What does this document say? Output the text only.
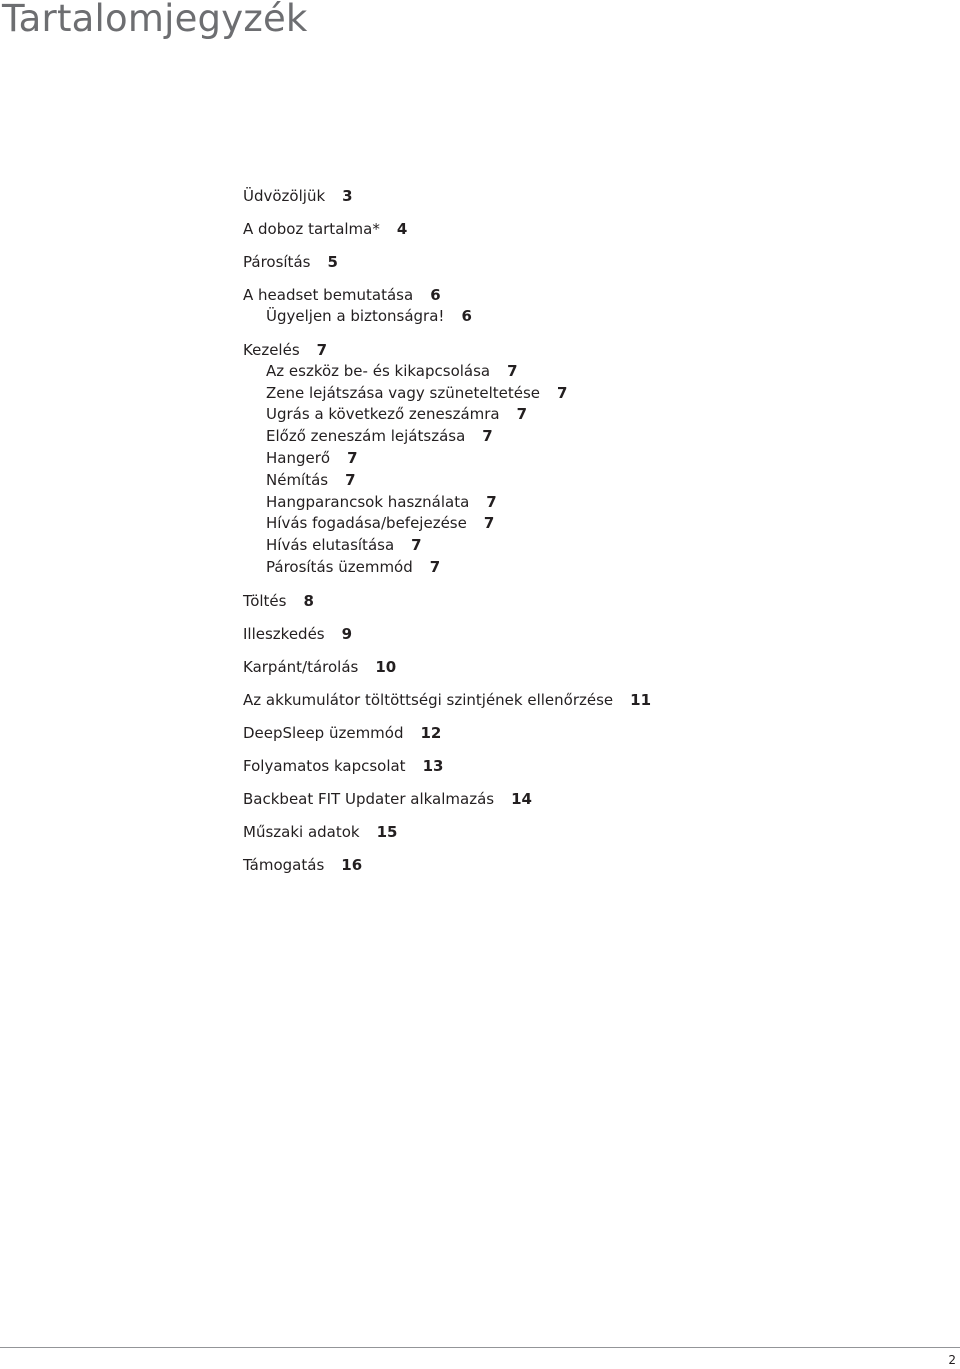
Tartalomjegyzék
Üdvözöljük 3
A doboz tartalma* 4
Párosítás 5
A headset bemutatása 6
Ügyeljen a biztonságra! 6
Kezelés 7
Az eszköz be- és kikapcsolása 7
Zene lejátszása vagy szüneteltetése 7
Ugrás a következő zeneszámra 7
Előző zeneszám lejátszása 7
Hangerő 7
Némítás 7
Hangparancsok használata 7
Hívás fogadása/befejezése 7
Hívás elutasítása 7
Párosítás üzemmód 7
Töltés 8
Illeszkedés 9
Karpánt/tárolás 10
Az akkumulátor töltöttségi szintjének ellenőrzése 11
DeepSleep üzemmód 12
Folyamatos kapcsolat 13
Backbeat FIT Updater alkalmazás 14
Műszaki adatok 15
Támogatás 16
2
